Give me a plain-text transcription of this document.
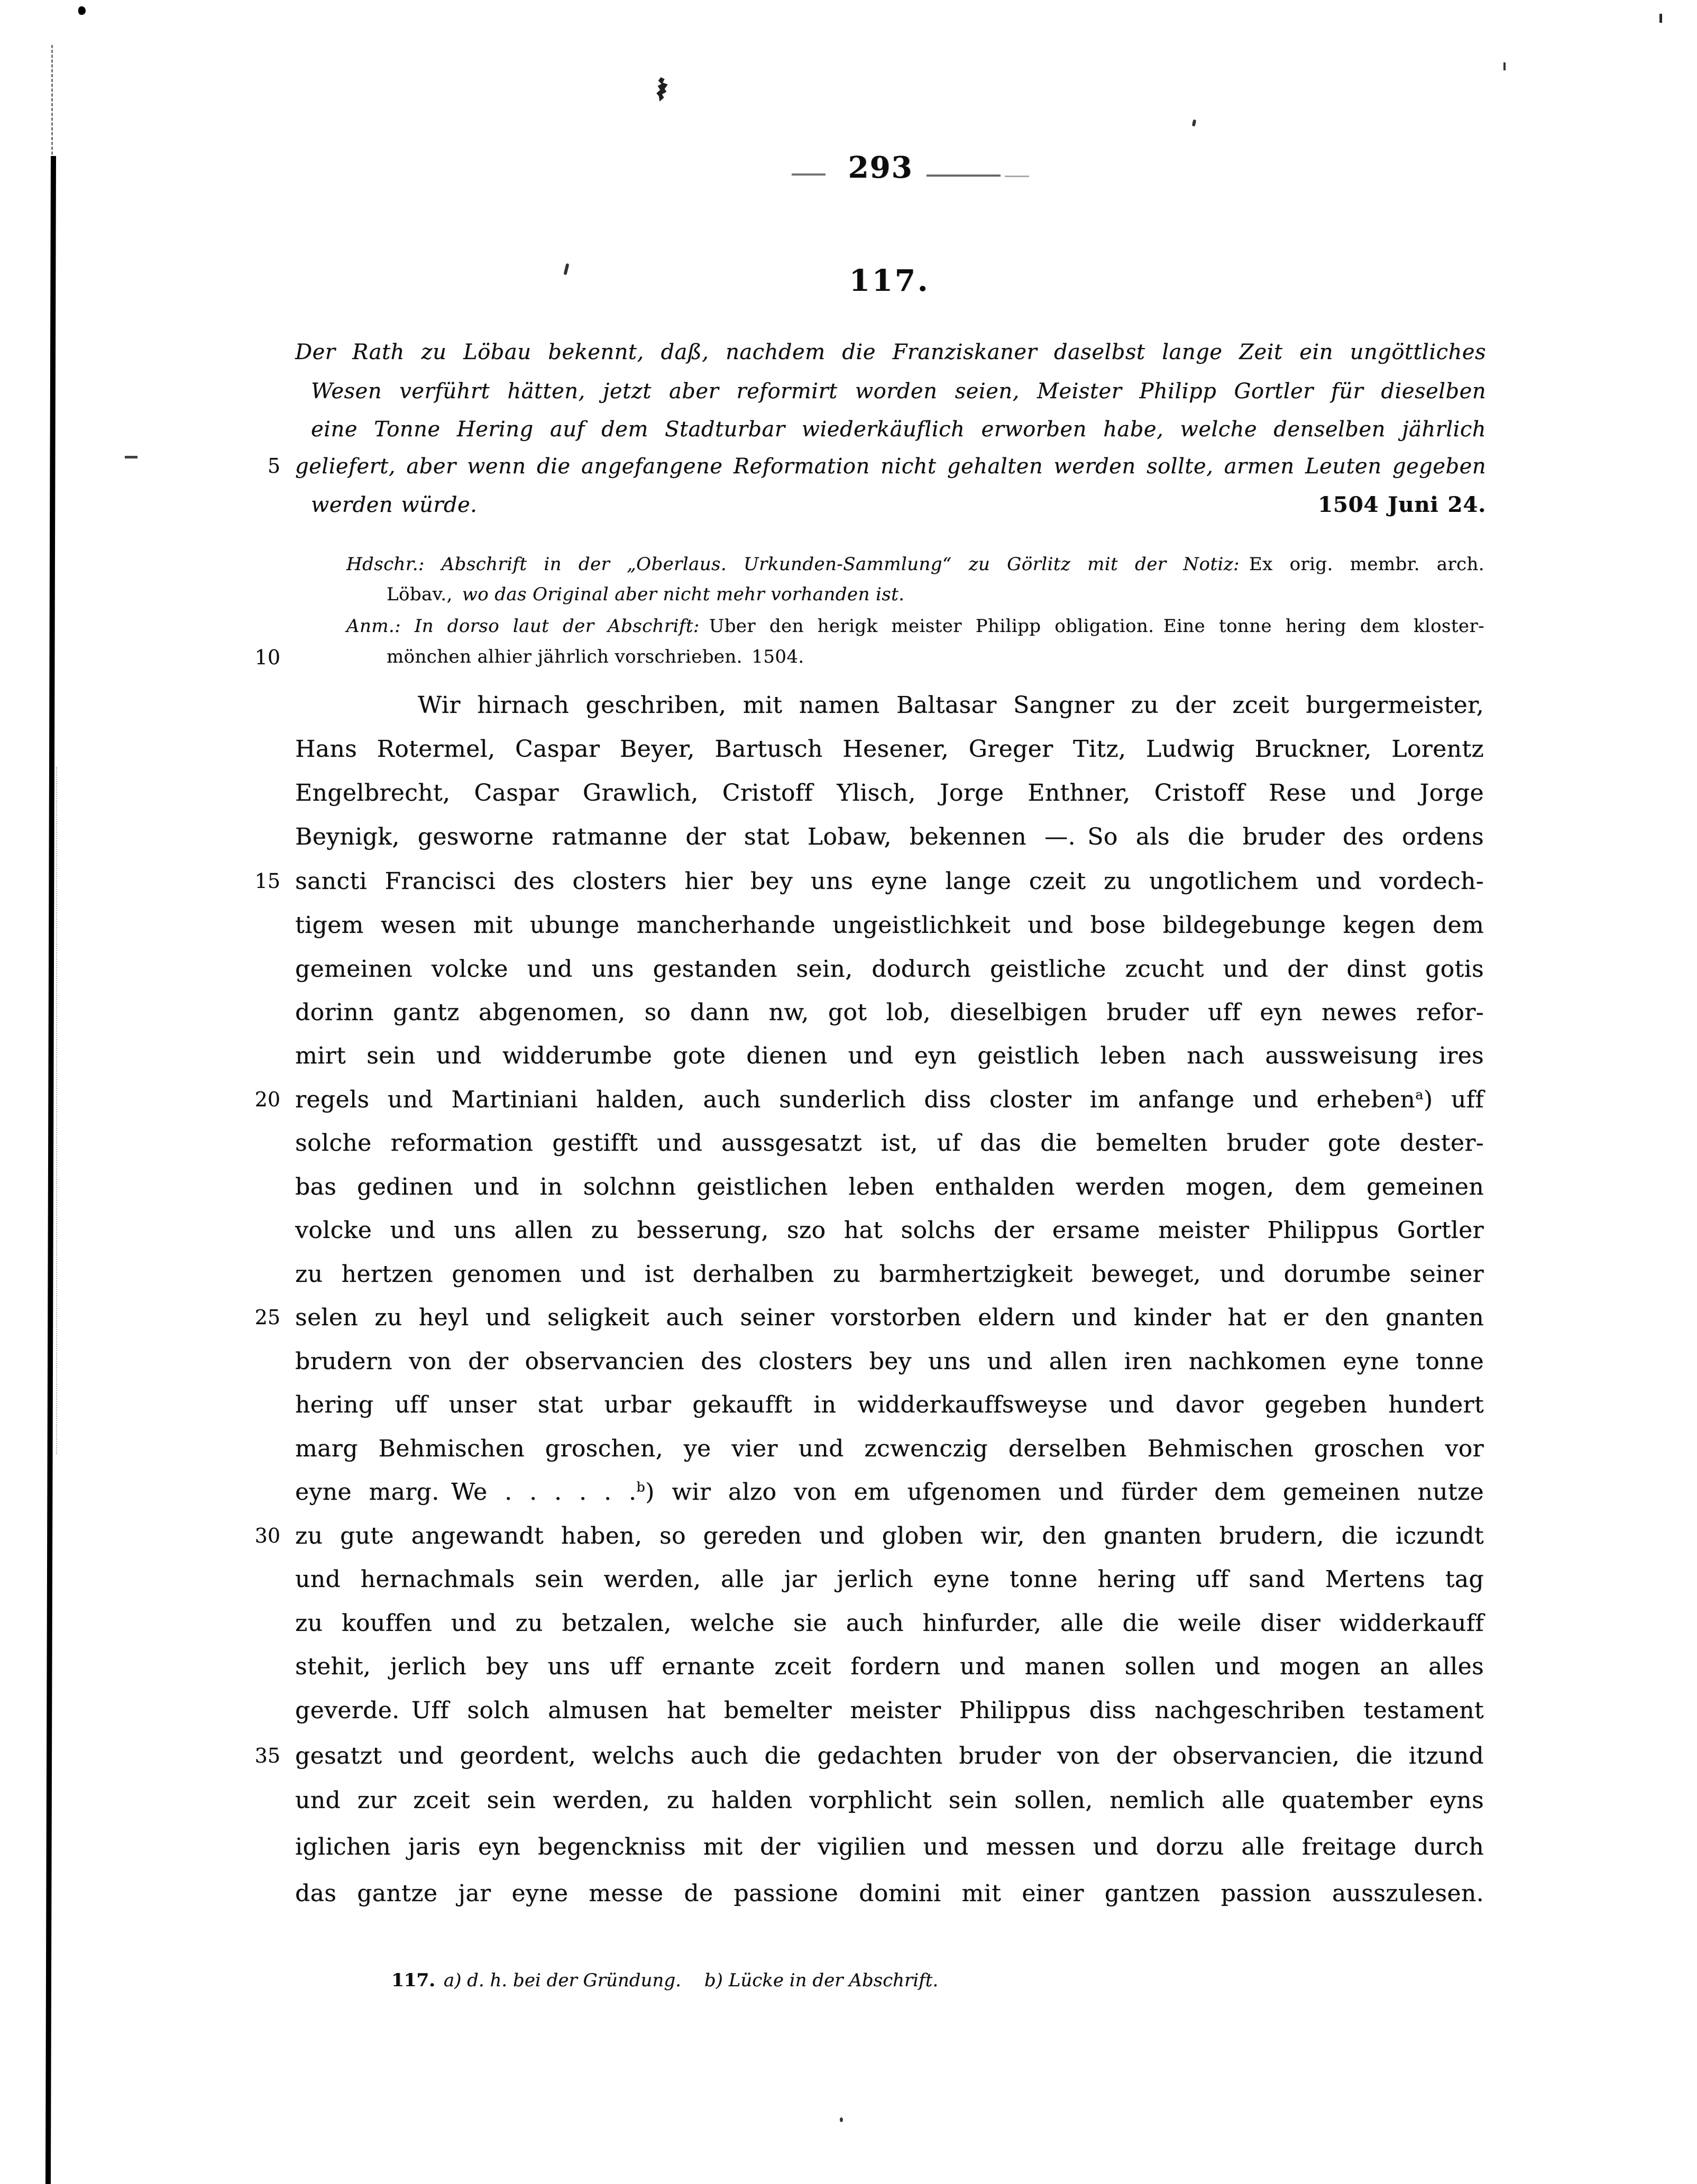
293
117.
Der Rath zu Löbau bekennt, daß, nachdem die Franziskaner daselbst lange Zeit ein ungöttliches
Wesen verführt hätten, jetzt aber reformirt worden seien, Meister Philipp Gortler für dieselben
eine Tonne Hering auf dem Stadturbar wiederkäuflich erworben habe, welche denselben jährlich
geliefert, aber wenn die angefangene Reformation nicht gehalten werden sollte, armen Leuten gegeben
werden würde.	1504 Juni 24.
Hdschr.: Abschrift in der „Oberlaus. Urkunden-Sammlung“ zu Görlitz mit der Notiz: Ex orig. membr. arch.
Löbav., wo das Original aber nicht mehr vorhanden ist.
Anm.: In dorso laut der Abschrift: Uber den herigk meister Philipp obligation. Eine tonne hering dem kloster-
mönchen alhier jährlich vorschrieben. 1504.
5
10
15
20
25
30
35
Wir hirnach geschriben, mit namen Baltasar Sangner zu der zceit burgermeister,
Hans Rotermel, Caspar Beyer, Bartusch Hesener, Greger Titz, Ludwig Bruckner, Lorentz
Engelbrecht, Caspar Grawlich, Cristoff Ylisch, Jorge Enthner, Cristoff Rese und Jorge
Beynigk, gesworne ratmanne der stat Lobaw, bekennen —. So als die bruder des ordens
sancti Francisci des closters hier bey uns eyne lange czeit zu ungotlichem und vordech-
tigem wesen mit ubunge mancherhande ungeistlichkeit und bose bildegebunge kegen dem
gemeinen volcke und uns gestanden sein, dodurch geistliche zcucht und der dinst gotis
dorinn gantz abgenomen, so dann nw, got lob, dieselbigen bruder uff eyn newes refor-
mirt sein und widderumbe gote dienen und eyn geistlich leben nach aussweisung ires
regels und Martiniani halden, auch sunderlich diss closter im anfange und erheben$^a$) uff
solche reformation gestifft und aussgesatzt ist, uf das die bemelten bruder gote dester-
bas gedinen und in solchnn geistlichen leben enthalden werden mogen, dem gemeinen
volcke und uns allen zu besserung, szo hat solchs der ersame meister Philippus Gortler
zu hertzen genomen und ist derhalben zu barmhertzigkeit beweget, und dorumbe seiner
selen zu heyl und seligkeit auch seiner vorstorben eldern und kinder hat er den gnanten
brudern von der observancien des closters bey uns und allen iren nachkomen eyne tonne
hering uff unser stat urbar gekaufft in widderkauffsweyse und davor gegeben hundert
marg Behmischen groschen, ye vier und zcwenczig derselben Behmischen groschen vor
eyne marg. We . . . . . .$^b$) wir alzo von em ufgenomen und fürder dem gemeinen nutze
zu gute angewandt haben, so gereden und globen wir, den gnanten brudern, die iczundt
und hernachmals sein werden, alle jar jerlich eyne tonne hering uff sand Mertens tag
zu kouffen und zu betzalen, welche sie auch hinfurder, alle die weile diser widderkauff
stehit, jerlich bey uns uff ernante zceit fordern und manen sollen und mogen an alles
geverde. Uff solch almusen hat bemelter meister Philippus diss nachgeschriben testament
gesatzt und geordent, welchs auch die gedachten bruder von der observancien, die itzund
und zur zceit sein werden, zu halden vorphlicht sein sollen, nemlich alle quatember eyns
iglichen jaris eyn begenckniss mit der vigilien und messen und dorzu alle freitage durch
das gantze jar eyne messe de passione domini mit einer gantzen passion ausszulesen.
117. a) d. h. bei der Gründung. b) Lücke in der Abschrift.
